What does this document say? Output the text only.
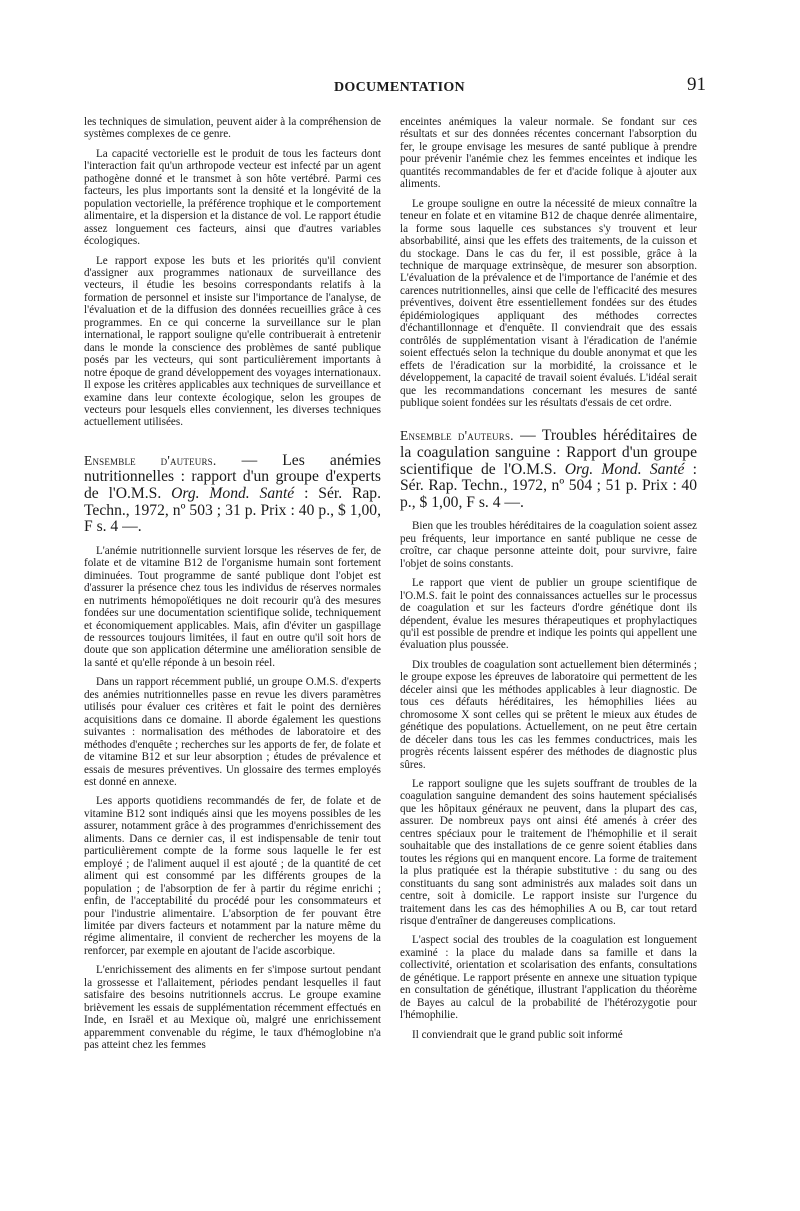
DOCUMENTATION	91

les techniques de simulation, peuvent aider à la compréhension de systèmes complexes de ce genre.

La capacité vectorielle est le produit de tous les facteurs dont l'interaction fait qu'un arthropode vecteur est infecté par un agent pathogène donné et le transmet à son hôte vertébré. Parmi ces facteurs, les plus importants sont la densité et la longévité de la population vectorielle, la préférence trophique et le comportement alimentaire, et la dispersion et la distance de vol. Le rapport étudie assez longuement ces facteurs, ainsi que d'autres variables écologiques.

Le rapport expose les buts et les priorités qu'il convient d'assigner aux programmes nationaux de surveillance des vecteurs, il étudie les besoins correspondants relatifs à la formation de personnel et insiste sur l'importance de l'analyse, de l'évaluation et de la diffusion des données recueillies grâce à ces programmes. En ce qui concerne la surveillance sur le plan international, le rapport souligne qu'elle contribuerait à entretenir dans le monde la conscience des problèmes de santé publique posés par les vecteurs, qui sont particulièrement importants à notre époque de grand développement des voyages internationaux. Il expose les critères applicables aux techniques de surveillance et examine dans leur contexte écologique, selon les groupes de vecteurs pour lesquels elles conviennent, les diverses techniques actuellement utilisées.

Ensemble d'auteurs. — Les anémies nutritionnelles : rapport d'un groupe d'experts de l'O.M.S. Org. Mond. Santé : Sér. Rap. Techn., 1972, nº 503 ; 31 p. Prix : 40 p., $ 1,00, F s. 4 —.

L'anémie nutritionnelle survient lorsque les réserves de fer, de folate et de vitamine B12 de l'organisme humain sont fortement diminuées. Tout programme de santé publique dont l'objet est d'assurer la présence chez tous les individus de réserves normales en nutriments hémopoïétiques ne doit recourir qu'à des mesures fondées sur une documentation scientifique solide, techniquement et économiquement applicables. Mais, afin d'éviter un gaspillage de ressources toujours limitées, il faut en outre qu'il soit hors de doute que son application détermine une amélioration sensible de la santé et qu'elle réponde à un besoin réel.

Dans un rapport récemment publié, un groupe O.M.S. d'experts des anémies nutritionnelles passe en revue les divers paramètres utilisés pour évaluer ces critères et fait le point des dernières acquisitions dans ce domaine. Il aborde également les questions suivantes : normalisation des méthodes de laboratoire et des méthodes d'enquête ; recherches sur les apports de fer, de folate et de vitamine B12 et sur leur absorption ; études de prévalence et essais de mesures préventives. Un glossaire des termes employés est donné en annexe.

Les apports quotidiens recommandés de fer, de folate et de vitamine B12 sont indiqués ainsi que les moyens possibles de les assurer, notamment grâce à des programmes d'enrichissement des aliments. Dans ce dernier cas, il est indispensable de tenir tout particulièrement compte de la forme sous laquelle le fer est employé ; de l'aliment auquel il est ajouté ; de la quantité de cet aliment qui est consommé par les différents groupes de la population ; de l'absorption de fer à partir du régime enrichi ; enfin, de l'acceptabilité du procédé pour les consommateurs et pour l'industrie alimentaire. L'absorption de fer pouvant être limitée par divers facteurs et notamment par la nature même du régime alimentaire, il convient de rechercher les moyens de la renforcer, par exemple en ajoutant de l'acide ascorbique.

L'enrichissement des aliments en fer s'impose surtout pendant la grossesse et l'allaitement, périodes pendant lesquelles il faut satisfaire des besoins nutritionnels accrus. Le groupe examine brièvement les essais de supplémentation récemment effectués en Inde, en Israël et au Mexique où, malgré une enrichissement apparemment convenable du régime, le taux d'hémoglobine n'a pas atteint chez les femmes

enceintes anémiques la valeur normale. Se fondant sur ces résultats et sur des données récentes concernant l'absorption du fer, le groupe envisage les mesures de santé publique à prendre pour prévenir l'anémie chez les femmes enceintes et indique les quantités recommandables de fer et d'acide folique à ajouter aux aliments.

Le groupe souligne en outre la nécessité de mieux connaître la teneur en folate et en vitamine B12 de chaque denrée alimentaire, la forme sous laquelle ces substances s'y trouvent et leur absorbabilité, ainsi que les effets des traitements, de la cuisson et du stockage. Dans le cas du fer, il est possible, grâce à la technique de marquage extrinsèque, de mesurer son absorption. L'évaluation de la prévalence et de l'importance de l'anémie et des carences nutritionnelles, ainsi que celle de l'efficacité des mesures préventives, doivent être essentiellement fondées sur des études épidémiologiques appliquant des méthodes correctes d'échantillonnage et d'enquête. Il conviendrait que des essais contrôlés de supplémentation visant à l'éradication de l'anémie soient effectués selon la technique du double anonymat et que les effets de l'éradication sur la morbidité, la croissance et le développement, la capacité de travail soient évalués. L'idéal serait que les recommandations concernant les mesures de santé publique soient fondées sur les résultats d'essais de cet ordre.

Ensemble d'auteurs. — Troubles héréditaires de la coagulation sanguine : Rapport d'un groupe scientifique de l'O.M.S. Org. Mond. Santé : Sér. Rap. Techn., 1972, nº 504 ; 51 p. Prix : 40 p., $ 1,00, F s. 4 —.

Bien que les troubles héréditaires de la coagulation soient assez peu fréquents, leur importance en santé publique ne cesse de croître, car chaque personne atteinte doit, pour survivre, faire l'objet de soins constants.

Le rapport que vient de publier un groupe scientifique de l'O.M.S. fait le point des connaissances actuelles sur le processus de coagulation et sur les facteurs d'ordre génétique dont ils dépendent, évalue les mesures thérapeutiques et prophylactiques qu'il est possible de prendre et indique les points qui appellent une évaluation plus poussée.

Dix troubles de coagulation sont actuellement bien déterminés ; le groupe expose les épreuves de laboratoire qui permettent de les déceler ainsi que les méthodes applicables à leur diagnostic. De tous ces défauts héréditaires, les hémophilies liées au chromosome X sont celles qui se prêtent le mieux aux études de génétique des populations. Actuellement, on ne peut être certain de déceler dans tous les cas les femmes conductrices, mais les progrès récents laissent espérer des méthodes de diagnostic plus sûres.

Le rapport souligne que les sujets souffrant de troubles de la coagulation sanguine demandent des soins hautement spécialisés que les hôpitaux généraux ne peuvent, dans la plupart des cas, assurer. De nombreux pays ont ainsi été amenés à créer des centres spéciaux pour le traitement de l'hémophilie et il serait souhaitable que des installations de ce genre soient établies dans toutes les régions qui en manquent encore. La forme de traitement la plus pratiquée est la thérapie substitutive : du sang ou des constituants du sang sont administrés aux malades soit dans un centre, soit à domicile. Le rapport insiste sur l'urgence du traitement dans les cas des hémophilies A ou B, car tout retard risque d'entraîner de dangereuses complications.

L'aspect social des troubles de la coagulation est longuement examiné : la place du malade dans sa famille et dans la collectivité, orientation et scolarisation des enfants, consultations de génétique. Le rapport présente en annexe une situation typique en consultation de génétique, illustrant l'application du théorème de Bayes au calcul de la probabilité de l'hétérozygotie pour l'hémophilie.

Il conviendrait que le grand public soit informé
